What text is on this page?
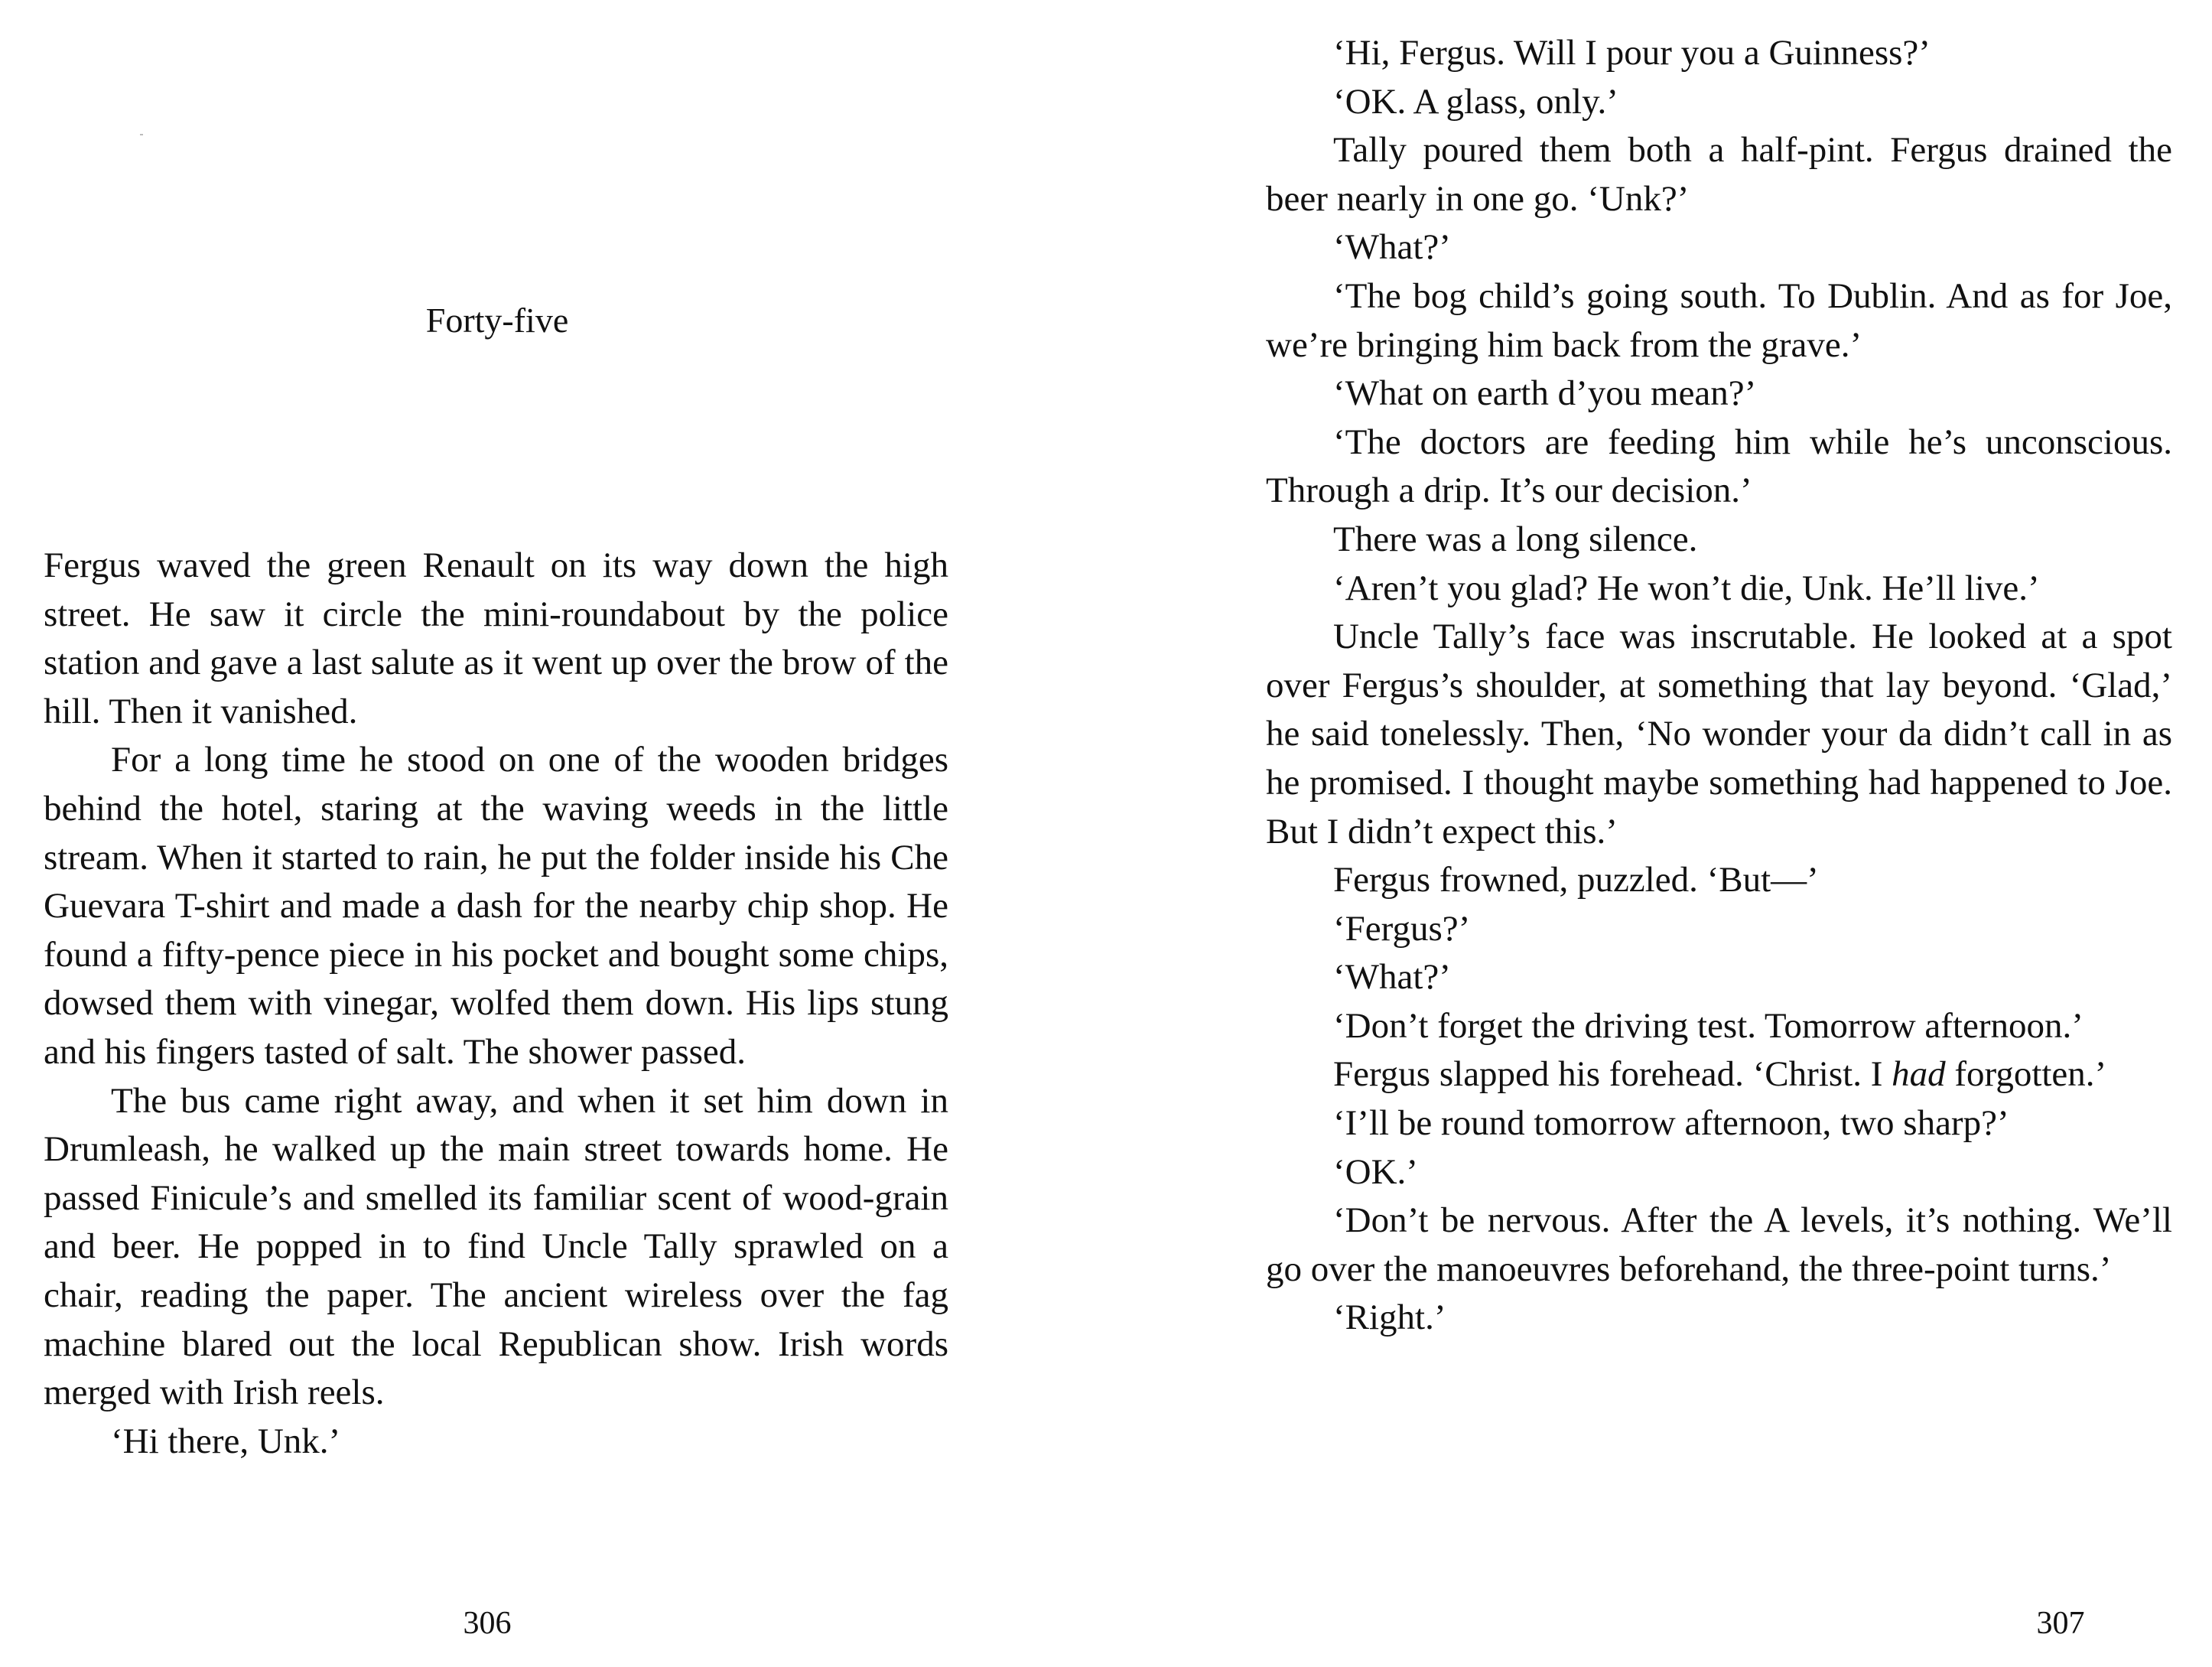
Forty-five

Fergus waved the green Renault on its way down the high street. He saw it circle the mini-roundabout by the police station and gave a last salute as it went up over the brow of the hill. Then it vanished.

For a long time he stood on one of the wooden bridges behind the hotel, staring at the waving weeds in the little stream. When it started to rain, he put the folder inside his Che Guevara T-shirt and made a dash for the nearby chip shop. He found a fifty-pence piece in his pocket and bought some chips, dowsed them with vinegar, wolfed them down. His lips stung and his fingers tasted of salt. The shower passed.

The bus came right away, and when it set him down in Drumleash, he walked up the main street towards home. He passed Finicule’s and smelled its familiar scent of wood-grain and beer. He popped in to find Uncle Tally sprawled on a chair, reading the paper. The ancient wireless over the fag machine blared out the local Republican show. Irish words merged with Irish reels.

‘Hi there, Unk.’

306

‘Hi, Fergus. Will I pour you a Guinness?’

‘OK. A glass, only.’

Tally poured them both a half-pint. Fergus drained the beer nearly in one go. ‘Unk?’

‘What?’

‘The bog child’s going south. To Dublin. And as for Joe, we’re bringing him back from the grave.’

‘What on earth d’you mean?’

‘The doctors are feeding him while he’s unconscious. Through a drip. It’s our decision.’

There was a long silence.

‘Aren’t you glad? He won’t die, Unk. He’ll live.’

Uncle Tally’s face was inscrutable. He looked at a spot over Fergus’s shoulder, at something that lay beyond. ‘Glad,’ he said tonelessly. Then, ‘No wonder your da didn’t call in as he promised. I thought maybe something had happened to Joe. But I didn’t expect this.’

Fergus frowned, puzzled. ‘But—’

‘Fergus?’

‘What?’

‘Don’t forget the driving test. Tomorrow afternoon.’

Fergus slapped his forehead. ‘Christ. I had forgotten.’

‘I’ll be round tomorrow afternoon, two sharp?’

‘OK.’

‘Don’t be nervous. After the A levels, it’s nothing. We’ll go over the manoeuvres beforehand, the three-point turns.’

‘Right.’

307
